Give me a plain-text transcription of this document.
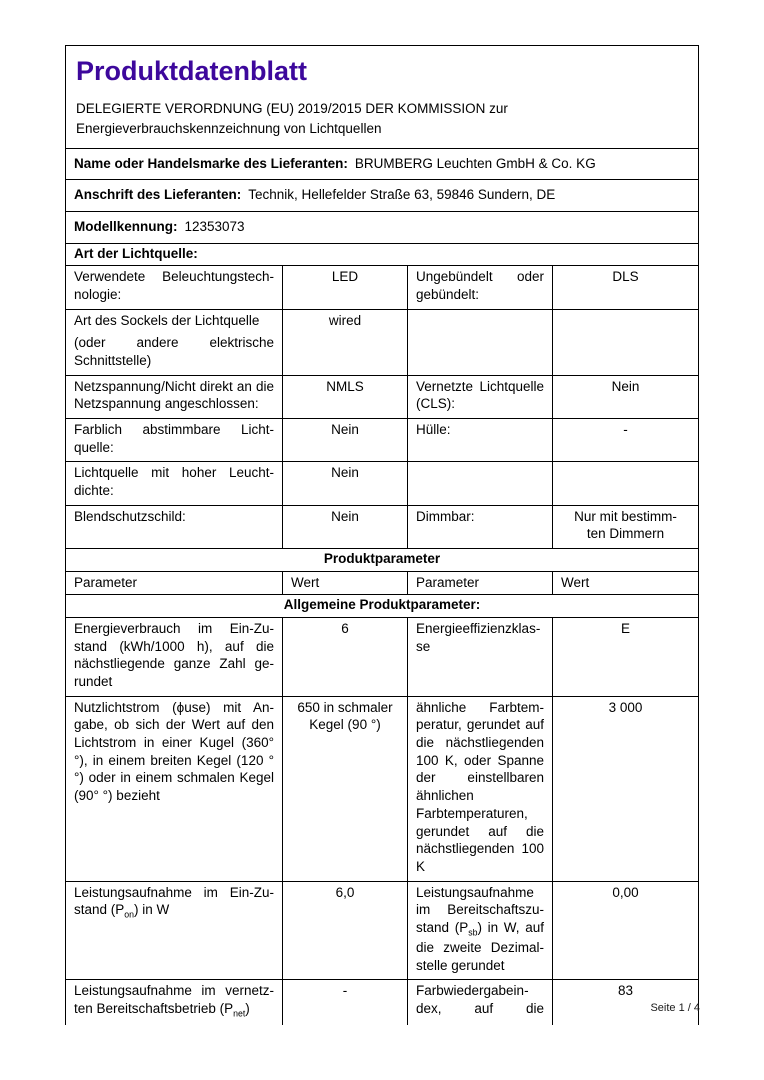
Produktdatenblatt
DELEGIERTE VERORDNUNG (EU) 2019/2015 DER KOMMISSION zur
Energieverbrauchskennzeichnung von Lichtquellen

Name oder Handelsmarke des Lieferanten: BRUMBERG Leuchten GmbH & Co. KG			
Anschrift des Lieferanten: Technik, Hellefelder Straße 63, 59846 Sundern, DE			
Modellkennung: 12353073			
Art der Lichtquelle:			
Verwendete Beleuchtungstechnologie:	LED	Ungebündelt oder gebündelt:	DLS

Art des Sockels der Lichtquelle

(oder andere elektrische Schnittstelle)	wired		
Netzspannung/Nicht direkt an die Netzspannung angeschlossen:	NMLS	Vernetzte Lichtquelle (CLS):	Nein
Farblich abstimmbare Lichtquelle:	Nein	Hülle:	-
Lichtquelle mit hoher Leuchtdichte:	Nein		
Blendschutzschild:	Nein	Dimmbar:	Nur mit bestimmten Dimmern
Produktparameter			
Parameter	Wert	Parameter	Wert
Allgemeine Produktparameter:			
Energieverbrauch im Ein-Zustand (kWh/1000 h), auf die nächstliegende ganze Zahl gerundet	6	Energieeffizienzklasse	E
Nutzlichtstrom (ϕuse) mit Angabe, ob sich der Wert auf den Lichtstrom in einer Kugel (360° °), in einem breiten Kegel (120 °°) oder in einem schmalen Kegel (90° °) bezieht	650 in schmaler Kegel (90 °)	ähnliche Farbtemperatur, gerundet auf die nächstliegenden 100 K, oder Spanne der einstellbaren ähnlichen Farbtemperaturen, gerundet auf die nächstliegenden 100 K	3 000
Leistungsaufnahme im Ein-Zustand $(P_{on})$ in W	6,0	Leistungsaufnahme im Bereitschaftszustand $(P_{sb})$ in W, auf die zweite Dezimalstelle gerundet	0,00
Leistungsaufnahme im vernetzten Bereitschaftsbetrieb $(P_{net})$	-	Farbwiedergabeindex, auf die	83
Seite 1 / 4
